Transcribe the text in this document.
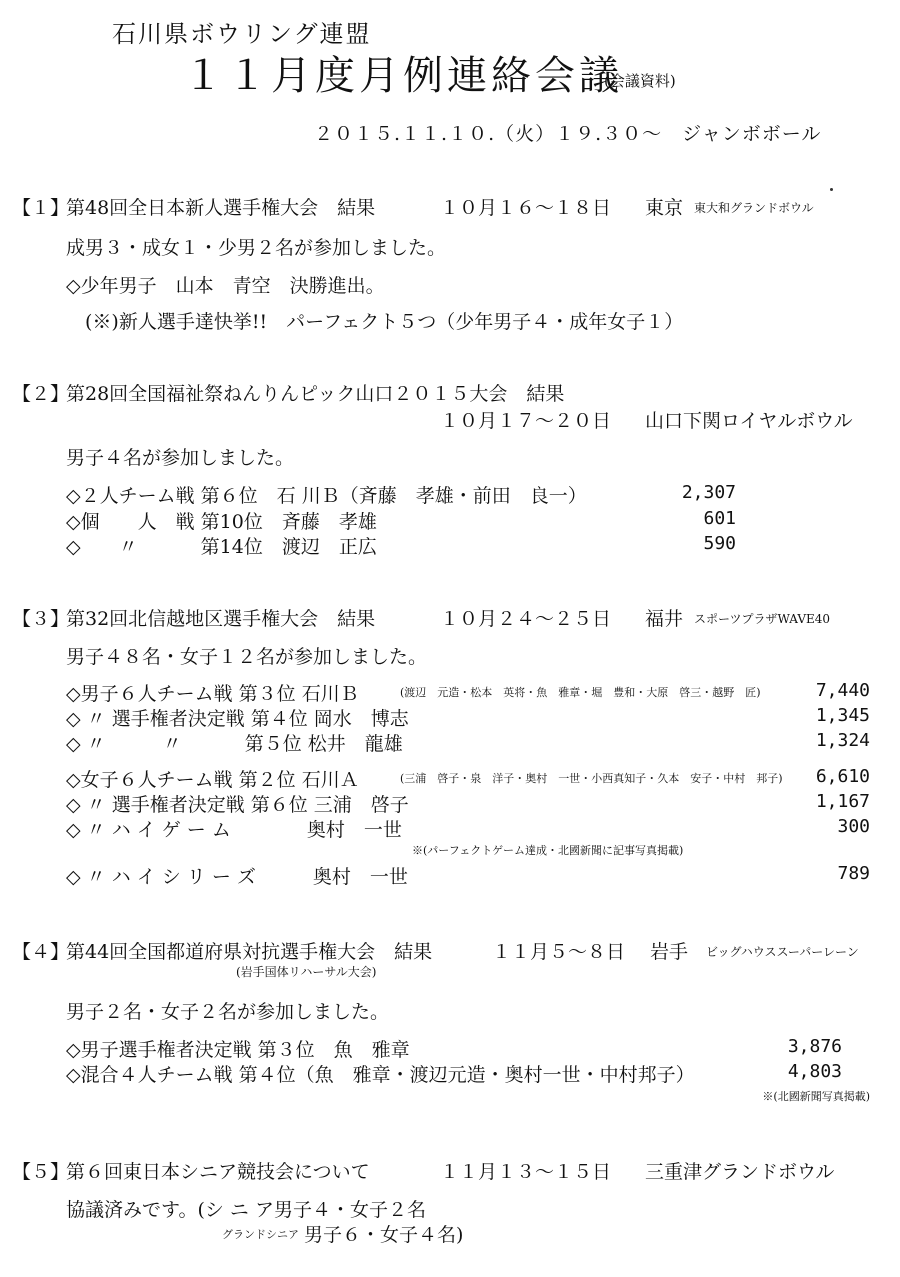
石川県ボウリング連盟
１１月度月例連絡会議
(会議資料)
２０１５.１１.１０.（火）１９.３０～　ジャンボボール
【１】
第48回全日本新人選手権大会　結果	１０月１６～１８日 東京 東大和グランドボウル
成男３・成女１・少男２名が参加しました。
◇少年男子　山本　青空　決勝進出。
(※)新人選手達快挙!!　パーフェクト５つ（少年男子４・成年女子１）
【２】
第28回全国福祉祭ねんりんピック山口２０１５大会　結果
１０月１７～２０日 山口下関ロイヤルボウル
男子４名が参加しました。
◇２人チーム戦 第６位　石 川Ｂ（斉藤　孝雄・前田　良一）	2,307
◇個　　人　戦 第10位　斉藤　孝雄	601
◇　　〃　　　 第14位　渡辺　正広	590
【３】
第32回北信越地区選手権大会　結果	１０月２４～２５日 福井 スポーツプラザWAVE40
男子４８名・女子１２名が参加しました。
◇男子６人チーム戦 第３位 石川Ｂ	(渡辺　元造・松本　英将・魚　雅章・堀　豊和・大原　啓三・越野　匠)	7,440
◇ 〃 選手権者決定戦 第４位 岡水　博志	1,345
◇ 〃　　　〃　　　 第５位 松井　龍雄	1,324
◇女子６人チーム戦 第２位 石川Ａ	(三浦　啓子・泉　洋子・奥村　一世・小西真知子・久本　安子・中村　邦子) 6,610
◇ 〃 選手権者決定戦 第６位 三浦　啓子	1,167
◇ 〃 ハ イ ゲ ー ム　　　　奥村　一世	300
※(パーフェクトゲーム達成・北國新聞に記事写真掲載)
◇ 〃 ハ イ シ リ ー ズ　　　奥村　一世	789
【４】
第44回全国都道府県対抗選手権大会　結果	１１月５～８日 岩手 ビッグハウススーパーレーン
(岩手国体リハーサル大会)
男子２名・女子２名が参加しました。
◇男子選手権者決定戦 第３位　魚　雅章	3,876
◇混合４人チーム戦 第４位（魚　雅章・渡辺元造・奥村一世・中村邦子）	4,803
※(北國新聞写真掲載)
【５】
第６回東日本シニア競技会について	１１月１３～１５日 三重津グランドボウル
協議済みです。(シ ニ ア男子４・女子２名
グランドシニア 男子６・女子４名)
